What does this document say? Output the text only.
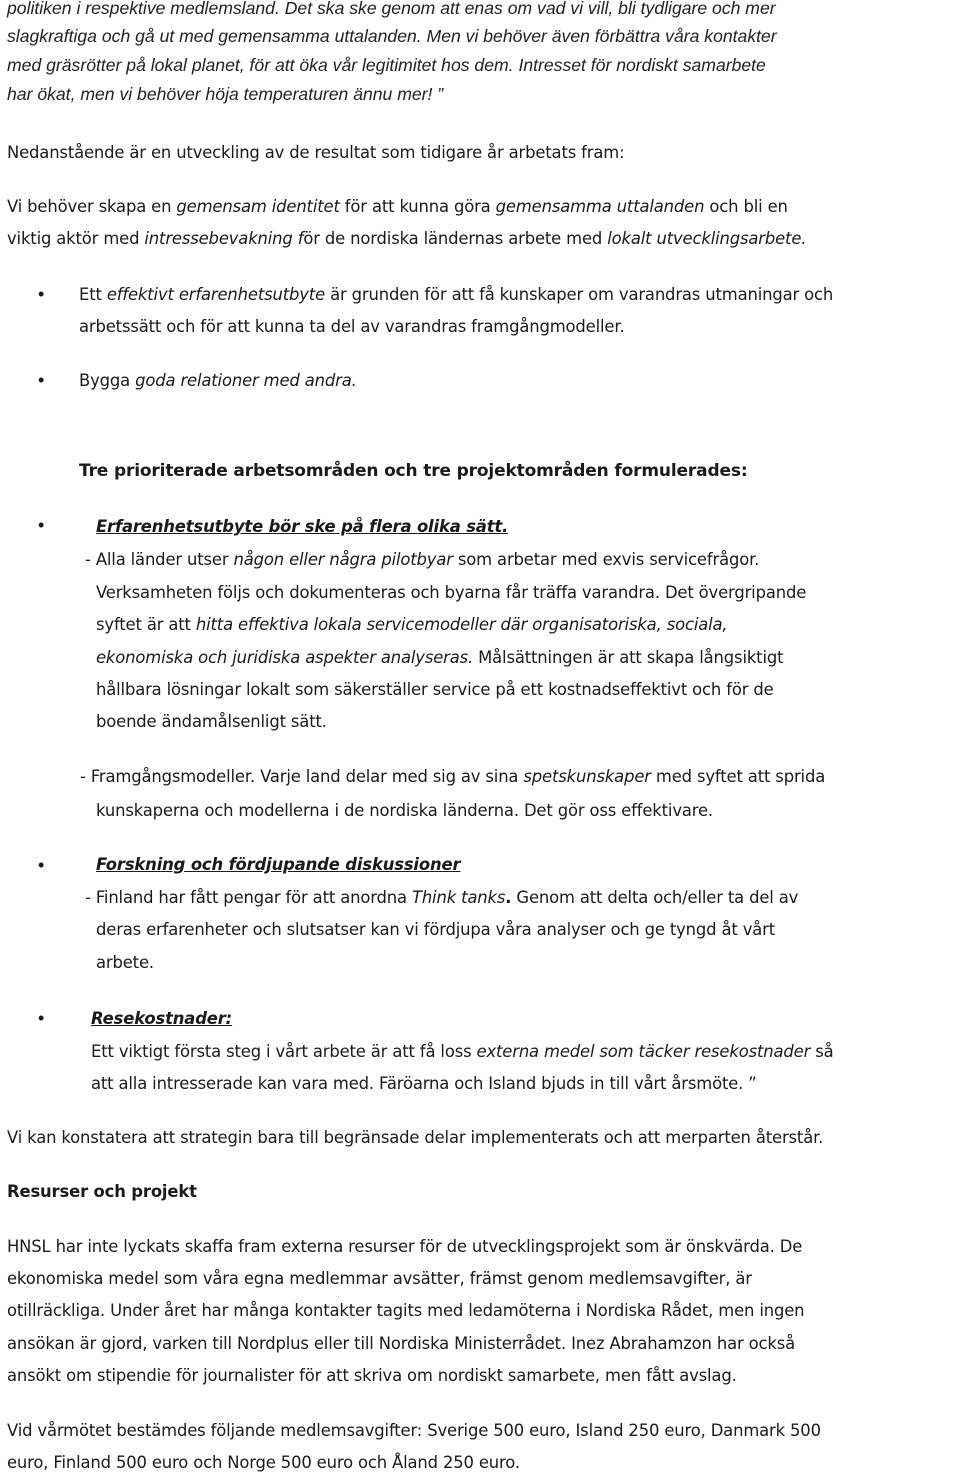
politiken i respektive medlemsland. Det ska ske genom att enas om vad vi vill, bli tydligare och mer

slagkraftiga och gå ut med gemensamma uttalanden. Men vi behöver även förbättra våra kontakter

med gräsrötter på lokal planet, för att öka vår legitimitet hos dem. Intresset för nordiskt samarbete

har ökat, men vi behöver höja temperaturen ännu mer! ”

Nedanstående är en utveckling av de resultat som tidigare år arbetats fram:

Vi behöver skapa en gemensam identitet för att kunna göra gemensamma uttalanden och bli en

viktig aktör med intressebevakning för de nordiska ländernas arbete med lokalt utvecklingsarbete.

• Ett effektivt erfarenhetsutbyte är grunden för att få kunskaper om varandras utmaningar och

arbetssätt och för att kunna ta del av varandras framgångmodeller.

• Bygga goda relationer med andra.

Tre prioriterade arbetsområden och tre projektområden formulerades:

•	Erfarenhetsutbyte bör ske på flera olika sätt.

- Alla länder utser någon eller några pilotbyar som arbetar med exvis servicefrågor.

Verksamheten följs och dokumenteras och byarna får träffa varandra. Det övergripande

syftet är att hitta effektiva lokala servicemodeller där organisatoriska, sociala,

ekonomiska och juridiska aspekter analyseras. Målsättningen är att skapa långsiktigt

hållbara lösningar lokalt som säkerställer service på ett kostnadseffektivt och för de

boende ändamålsenligt sätt.

- Framgångsmodeller. Varje land delar med sig av sina spetskunskaper med syftet att sprida

kunskaperna och modellerna i de nordiska länderna. Det gör oss effektivare.

•	Forskning och fördjupande diskussioner

- Finland har fått pengar för att anordna Think tanks. Genom att delta och/eller ta del av

deras erfarenheter och slutsatser kan vi fördjupa våra analyser och ge tyngd åt vårt

arbete.

•	Resekostnader:

Ett viktigt första steg i vårt arbete är att få loss externa medel som täcker resekostnader så

att alla intresserade kan vara med. Färöarna och Island bjuds in till vårt årsmöte. ”

Vi kan konstatera att strategin bara till begränsade delar implementerats och att merparten återstår.

Resurser och projekt

HNSL har inte lyckats skaffa fram externa resurser för de utvecklingsprojekt som är önskvärda. De

ekonomiska medel som våra egna medlemmar avsätter, främst genom medlemsavgifter, är

otillräckliga. Under året har många kontakter tagits med ledamöterna i Nordiska Rådet, men ingen

ansökan är gjord, varken till Nordplus eller till Nordiska Ministerrådet. Inez Abrahamzon har också

ansökt om stipendie för journalister för att skriva om nordiskt samarbete, men fått avslag.

Vid vårmötet bestämdes följande medlemsavgifter: Sverige 500 euro, Island 250 euro, Danmark 500

euro, Finland 500 euro och Norge 500 euro och Åland 250 euro.
